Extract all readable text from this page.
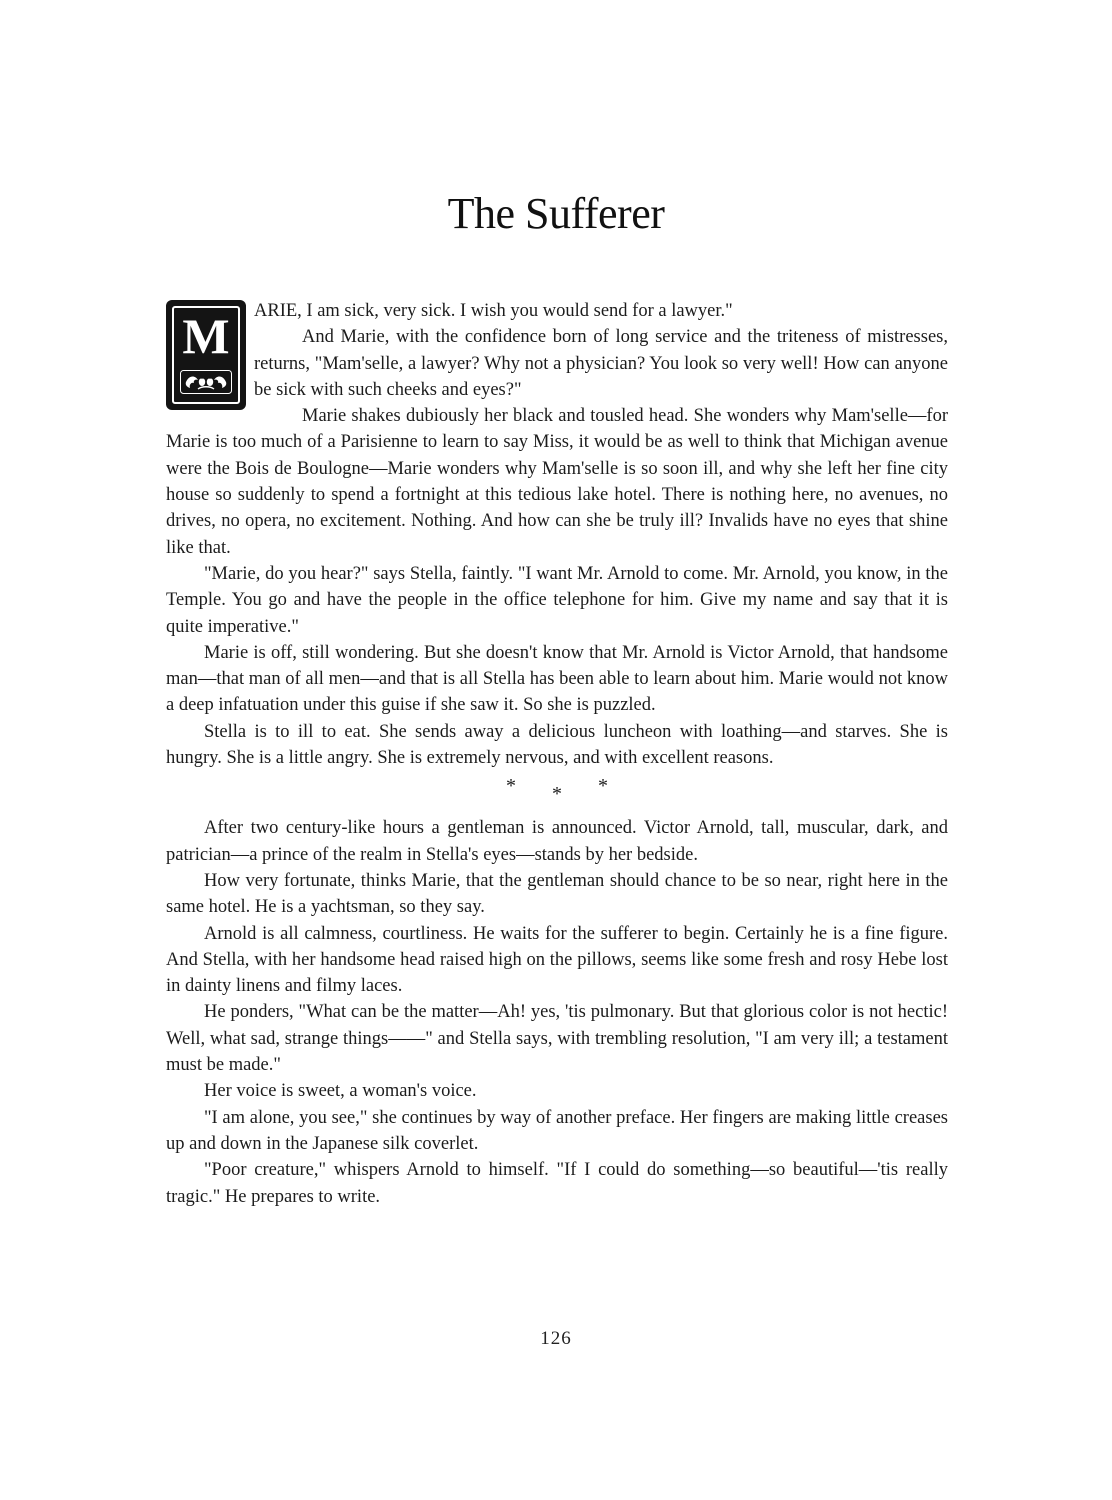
The Sufferer
M	ARIE, I am sick, very sick. I wish you would send for a lawyer."

And Marie, with the confidence born of long service and the triteness of mistresses, returns, "Mam'selle, a lawyer? Why not a physician? You look so very well! How can anyone be sick with such cheeks and eyes?"

Marie shakes dubiously her black and tousled head. She wonders why Mam'selle—for Marie is too much of a Parisienne to learn to say Miss, it would be as well to think that Michigan avenue were the Bois de Boulogne—Marie wonders why Mam'selle is so soon ill, and why she left her fine city house so suddenly to spend a fortnight at this tedious lake hotel. There is nothing here, no avenues, no drives, no opera, no excitement. Nothing. And how can she be truly ill? Invalids have no eyes that shine like that.

"Marie, do you hear?" says Stella, faintly. "I want Mr. Arnold to come. Mr. Arnold, you know, in the Temple. You go and have the people in the office telephone for him. Give my name and say that it is quite imperative."

Marie is off, still wondering. But she doesn't know that Mr. Arnold is Victor Arnold, that handsome man—that man of all men—and that is all Stella has been able to learn about him. Marie would not know a deep infatuation under this guise if she saw it. So she is puzzled.

Stella is to ill to eat. She sends away a delicious luncheon with loathing—and starves. She is hungry. She is a little angry. She is extremely nervous, and with excellent reasons.

* * *

After two century-like hours a gentleman is announced. Victor Arnold, tall, muscular, dark, and patrician—a prince of the realm in Stella's eyes—stands by her bedside.

How very fortunate, thinks Marie, that the gentleman should chance to be so near, right here in the same hotel. He is a yachtsman, so they say.

Arnold is all calmness, courtliness. He waits for the sufferer to begin. Certainly he is a fine figure. And Stella, with her handsome head raised high on the pillows, seems like some fresh and rosy Hebe lost in dainty linens and filmy laces.

He ponders, "What can be the matter—Ah! yes, 'tis pulmonary. But that glorious color is not hectic! Well, what sad, strange things——" and Stella says, with trembling resolution, "I am very ill; a testament must be made."

Her voice is sweet, a woman's voice.

"I am alone, you see," she continues by way of another preface. Her fingers are making little creases up and down in the Japanese silk coverlet.

"Poor creature," whispers Arnold to himself. "If I could do something—so beautiful—'tis really tragic." He prepares to write.

126
